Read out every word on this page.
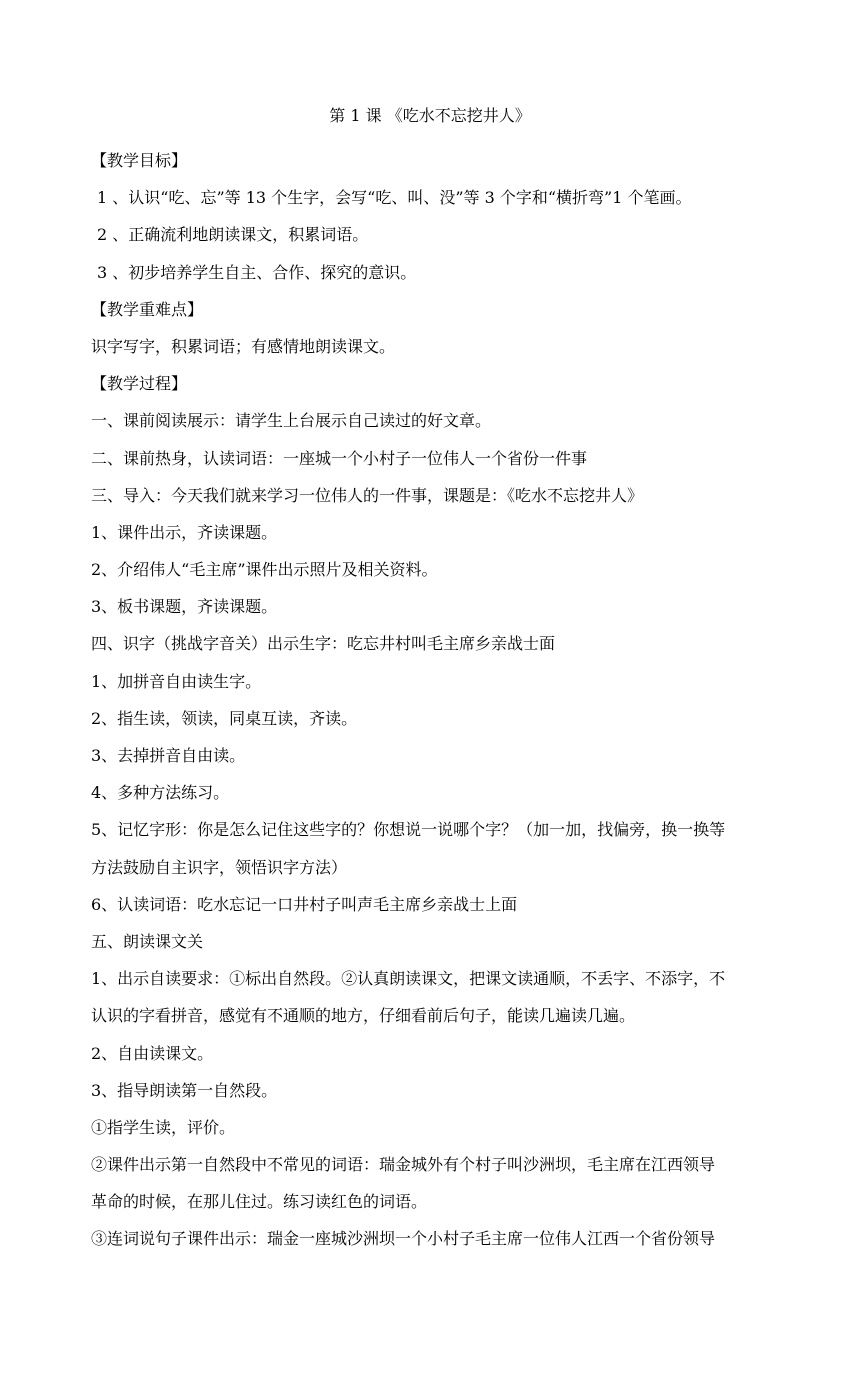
第 1 课 《吃水不忘挖井人》
【教学目标】
1 、认识“吃、忘”等 13 个生字，会写“吃、叫、没”等 3 个字和“横折弯”1 个笔画。
2 、正确流利地朗读课文，积累词语。
3 、初步培养学生自主、合作、探究的意识。
【教学重难点】
识字写字，积累词语；有感情地朗读课文。
【教学过程】
一、课前阅读展示：请学生上台展示自己读过的好文章。
二、课前热身，认读词语：一座城一个小村子一位伟人一个省份一件事
三、导入：今天我们就来学习一位伟人的一件事，课题是：《吃水不忘挖井人》
1、课件出示，齐读课题。
2、介绍伟人“毛主席”课件出示照片及相关资料。
3、板书课题，齐读课题。
四、识字（挑战字音关）出示生字：吃忘井村叫毛主席乡亲战士面
1、加拼音自由读生字。
2、指生读，领读，同桌互读，齐读。
3、去掉拼音自由读。
4、多种方法练习。
5、记忆字形：你是怎么记住这些字的？你想说一说哪个字？（加一加，找偏旁，换一换等
方法鼓励自主识字，领悟识字方法）
6、认读词语：吃水忘记一口井村子叫声毛主席乡亲战士上面
五、朗读课文关
1、出示自读要求：①标出自然段。②认真朗读课文，把课文读通顺，不丢字、不添字，不
认识的字看拼音，感觉有不通顺的地方，仔细看前后句子，能读几遍读几遍。
2、自由读课文。
3、指导朗读第一自然段。
①指学生读，评价。
②课件出示第一自然段中不常见的词语：瑞金城外有个村子叫沙洲坝，毛主席在江西领导
革命的时候，在那儿住过。练习读红色的词语。
③连词说句子课件出示：瑞金一座城沙洲坝一个小村子毛主席一位伟人江西一个省份领导
